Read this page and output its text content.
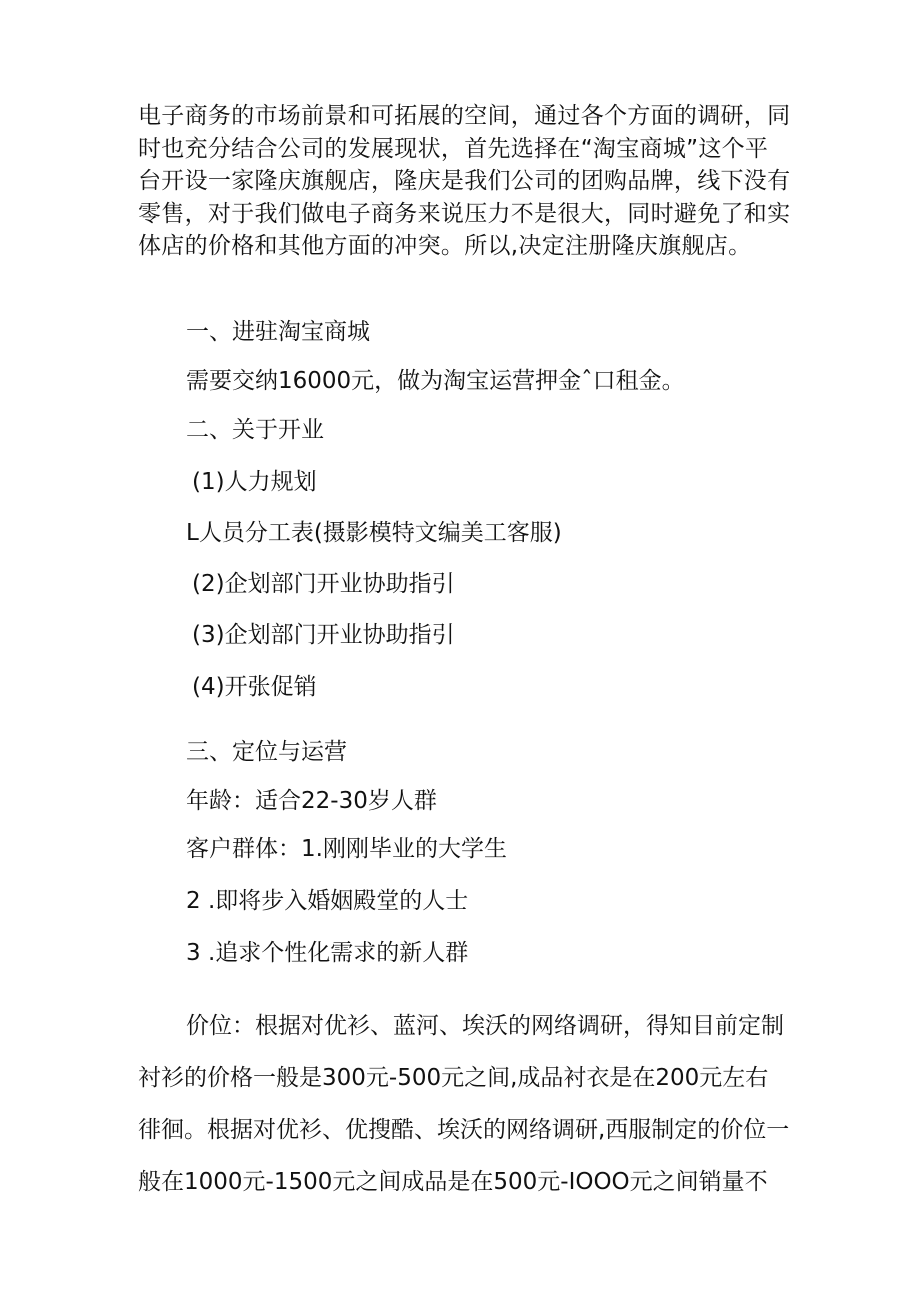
电子商务的市场前景和可拓展的空间，通过各个方面的调研，同
时也充分结合公司的发展现状，首先选择在“淘宝商城”这个平
台开设一家隆庆旗舰店，隆庆是我们公司的团购品牌，线下没有
零售，对于我们做电子商务来说压力不是很大，同时避免了和实
体店的价格和其他方面的冲突。所以,决定注册隆庆旗舰店。
一、进驻淘宝商城
需要交纳16000元，做为淘宝运营押金ˆ口租金。
二、关于开业
(1)人力规划
L人员分工表(摄影模特文编美工客服)
(2)企划部门开业协助指引
(3)企划部门开业协助指引
(4)开张促销
三、定位与运营
年龄：适合22-30岁人群
客户群体：1.刚刚毕业的大学生
2 .即将步入婚姻殿堂的人士
3 .追求个性化需求的新人群
价位：根据对优衫、蓝河、埃沃的网络调研，得知目前定制
衬衫的价格一般是300元-500元之间,成品衬衣是在200元左右
徘徊。根据对优衫、优搜酷、埃沃的网络调研,西服制定的价位一
般在1000元-1500元之间成品是在500元-IOOO元之间销量不
